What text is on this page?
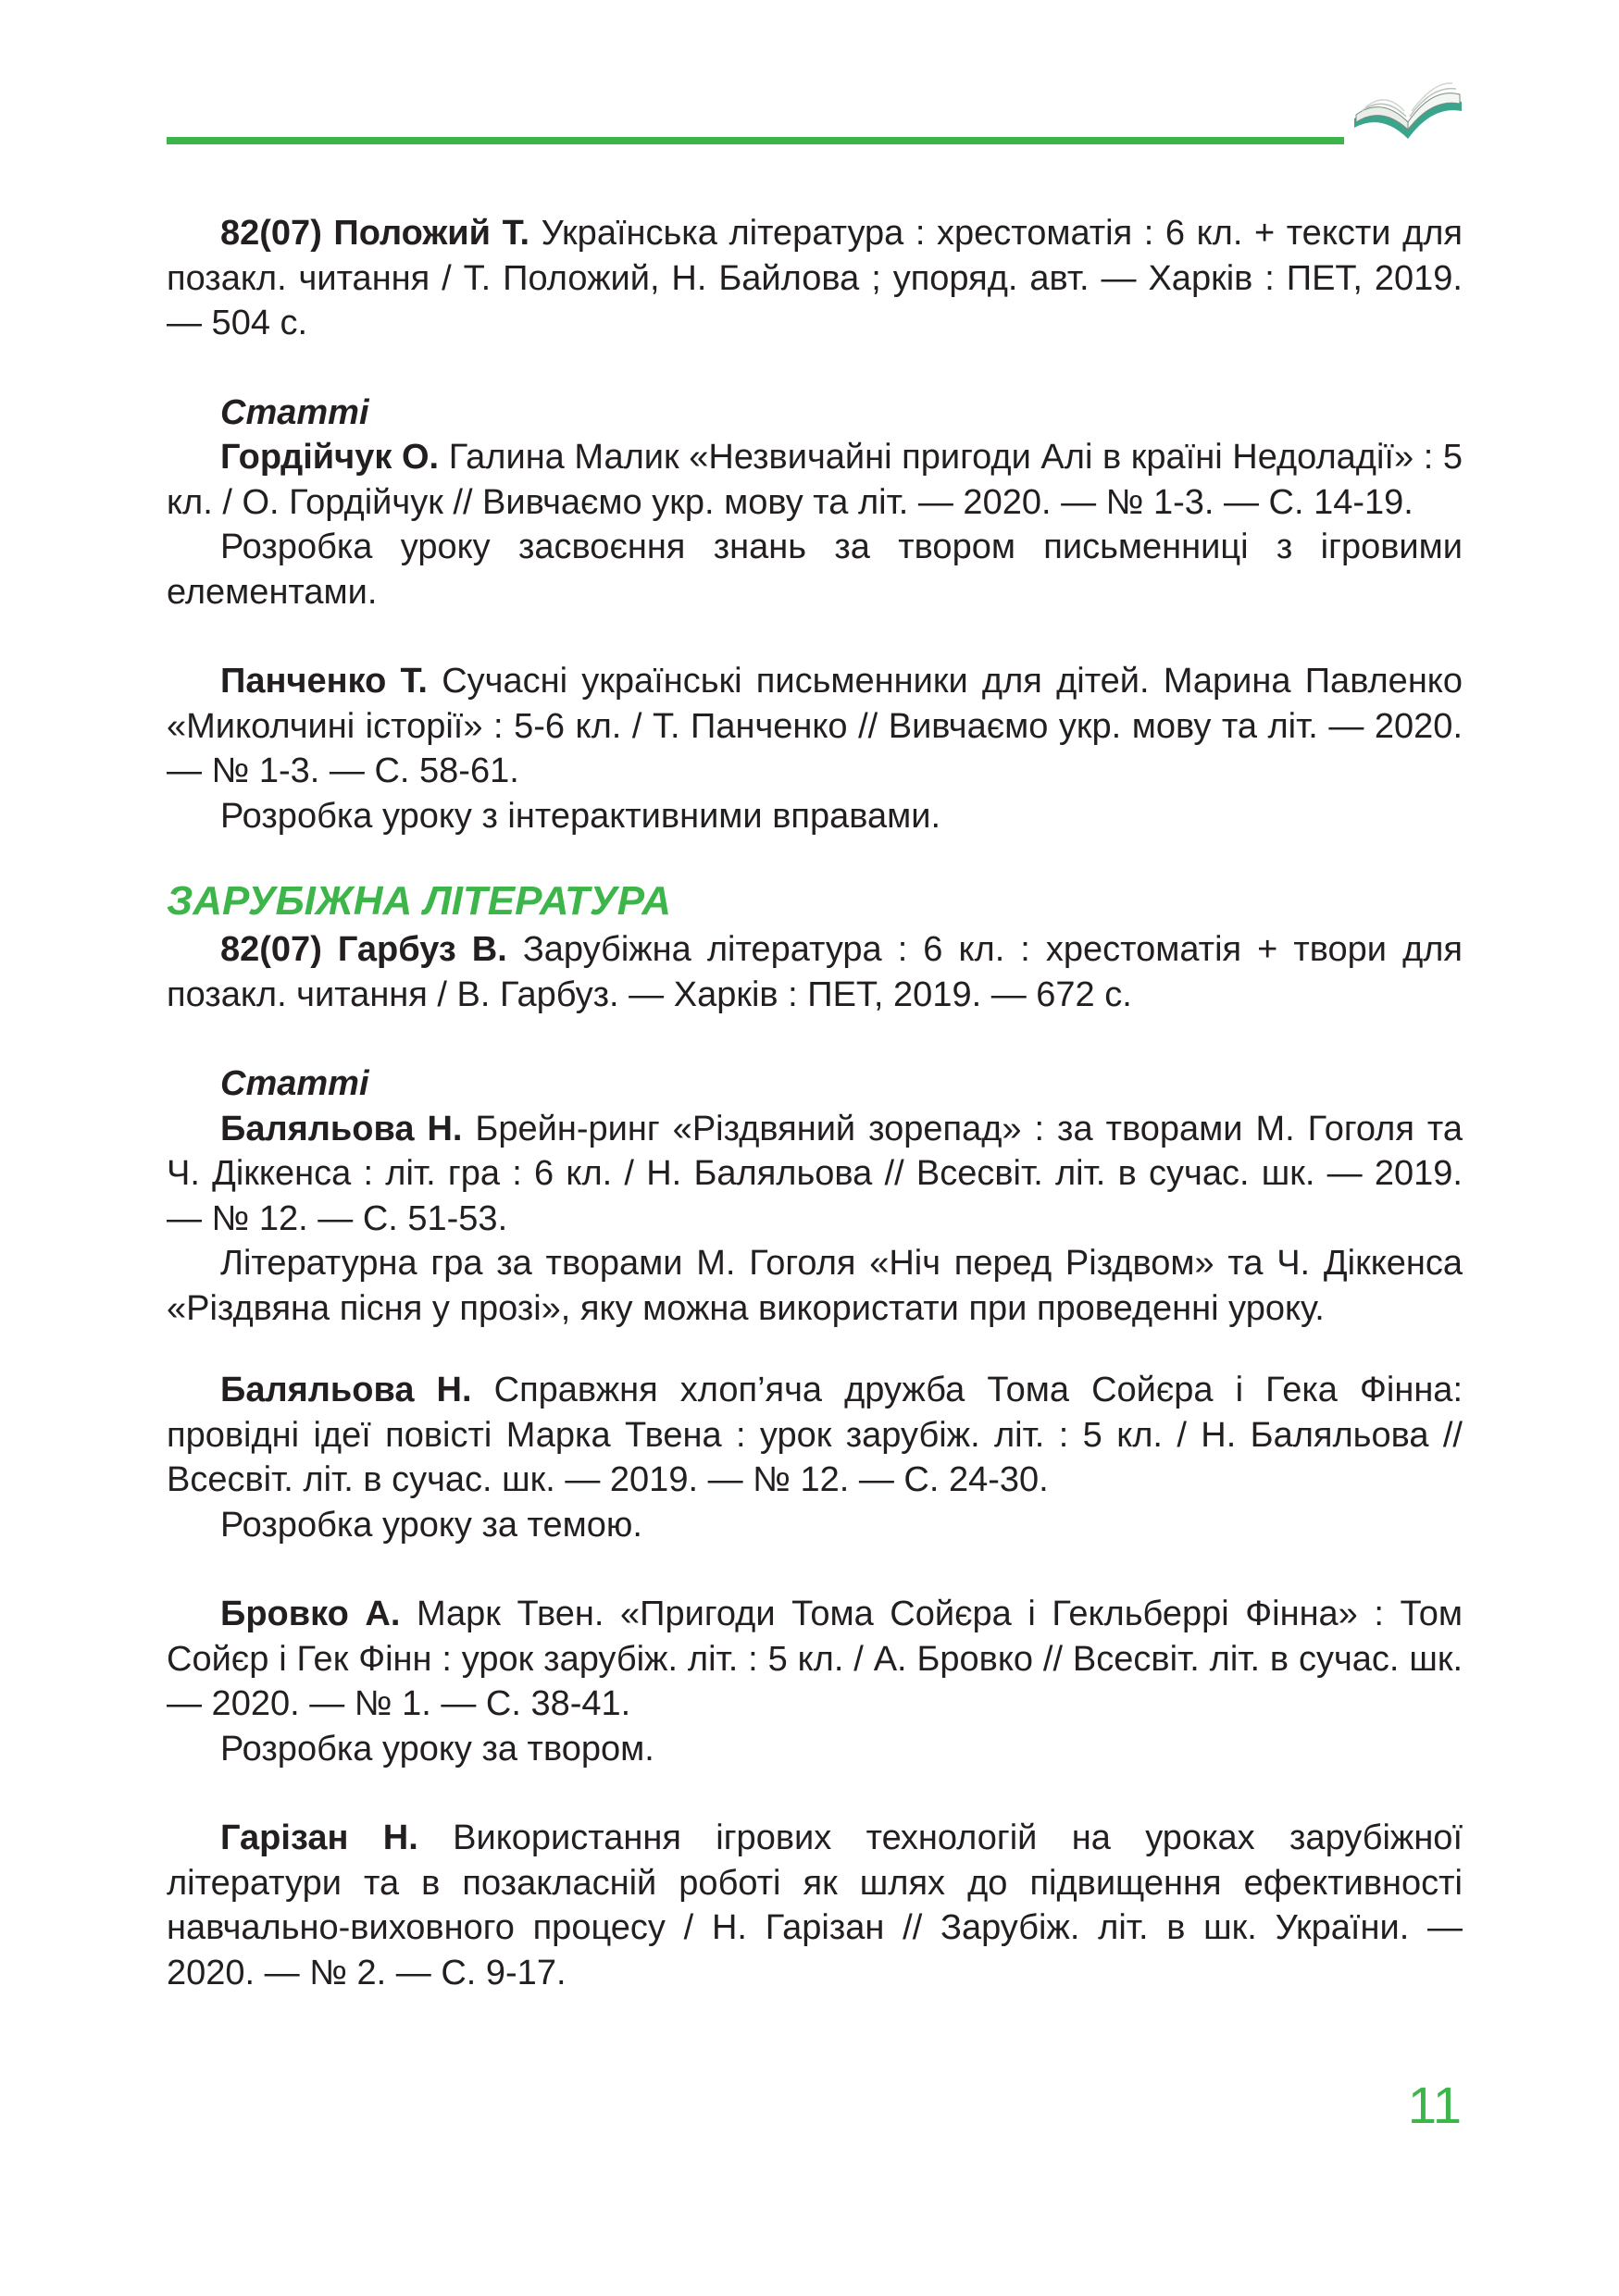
82(07) Положий Т. Українська література : хрестоматія : 6 кл. + тексти для позакл. читання / Т. Положий, Н. Байлова ; упоряд. авт. — Харків : ПЕТ, 2019. — 504 с.

Статті

Гордійчук О. Галина Малик «Незвичайні пригоди Алі в країні Недоладії» : 5 кл. / О. Гордійчук // Вивчаємо укр. мову та літ. — 2020. — № 1-3. — С. 14-19.

Розробка уроку засвоєння знань за твором письменниці з ігровими елементами.

Панченко Т. Сучасні українські письменники для дітей. Марина Павленко «Миколчині історії» : 5-6 кл. / Т. Панченко // Вивчаємо укр. мову та літ. — 2020. — № 1-3. — С. 58-61.

Розробка уроку з інтерактивними вправами.

ЗАРУБІЖНА ЛІТЕРАТУРА

82(07) Гарбуз В. Зарубіжна література : 6 кл. : хрестоматія + твори для позакл. читання / В. Гарбуз. — Харків : ПЕТ, 2019. — 672 с.

Статті

Баляльова Н. Брейн-ринг «Різдвяний зорепад» : за творами М. Гоголя та Ч. Діккенса : літ. гра : 6 кл. / Н. Баляльова // Всесвіт. літ. в сучас. шк. — 2019. — № 12. — С. 51-53.

Літературна гра за творами М. Гоголя «Ніч перед Різдвом» та Ч. Діккенса «Різдвяна пісня у прозі», яку можна використати при проведенні уроку.

Баляльова Н. Справжня хлоп’яча дружба Тома Сойєра і Гека Фінна: провідні ідеї повісті Марка Твена : урок зарубіж. літ. : 5 кл. / Н. Баляльова // Всесвіт. літ. в сучас. шк. — 2019. — № 12. — С. 24-30.

Розробка уроку за темою.

Бровко А. Марк Твен. «Пригоди Тома Сойєра і Гекльберрі Фінна» : Том Сойєр і Гек Фінн : урок зарубіж. літ. : 5 кл. / А. Бровко // Всесвіт. літ. в сучас. шк. — 2020. — № 1. — С. 38-41.

Розробка уроку за твором.

Гарізан Н. Використання ігрових технологій на уроках зарубіжної літератури та в позакласній роботі як шлях до підвищення ефективності навчально-виховного процесу / Н. Гарізан // Зарубіж. літ. в шк. України. — 2020. — № 2. — С. 9-17.

11
